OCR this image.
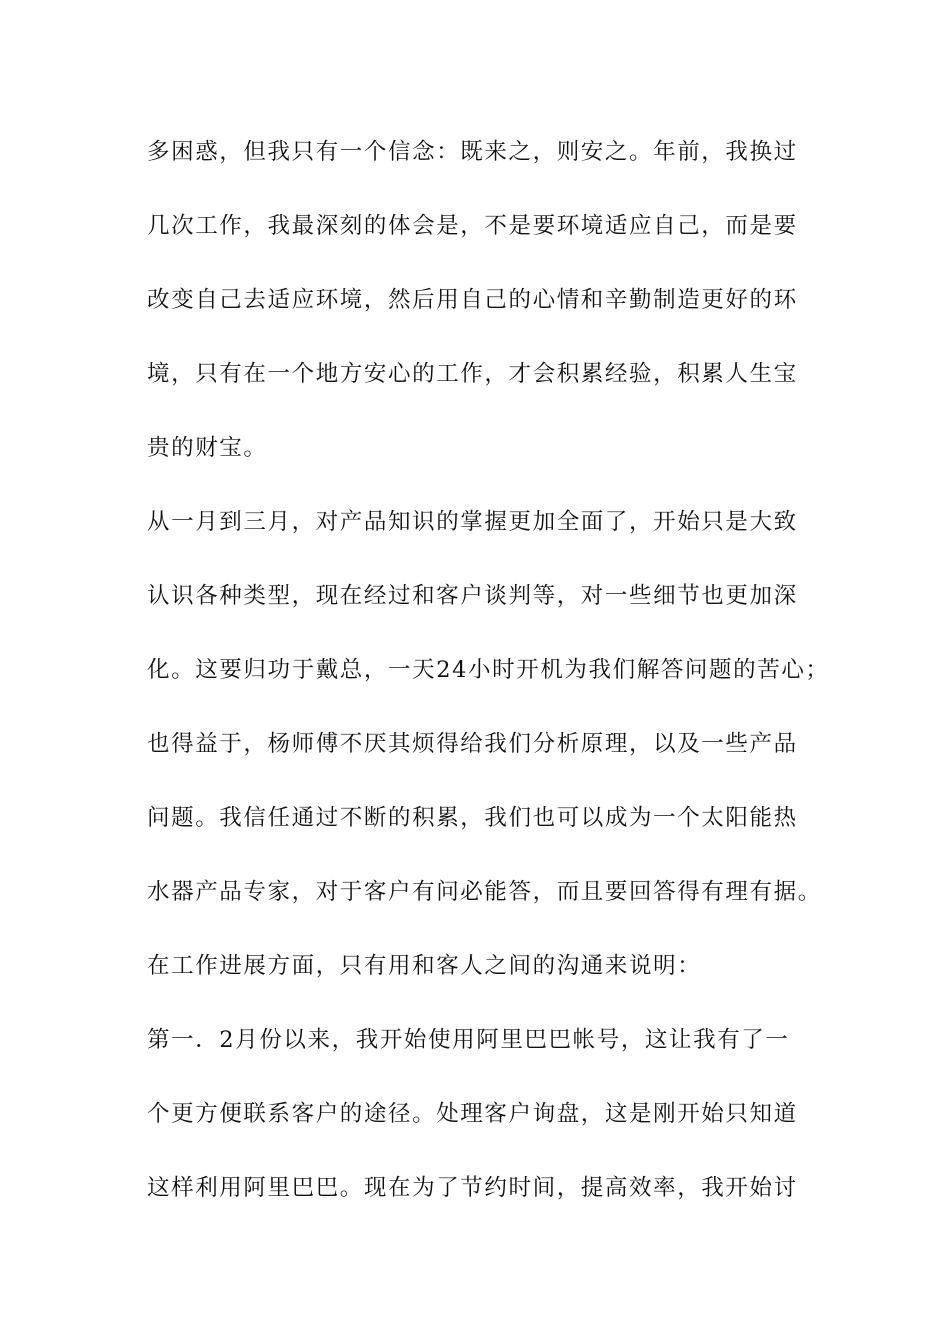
多困惑，但我只有一个信念：既来之，则安之。年前，我换过
几次工作，我最深刻的体会是，不是要环境适应自己，而是要
改变自己去适应环境，然后用自己的心情和辛勤制造更好的环
境，只有在一个地方安心的工作，才会积累经验，积累人生宝
贵的财宝。
从一月到三月，对产品知识的掌握更加全面了，开始只是大致
认识各种类型，现在经过和客户谈判等，对一些细节也更加深
化。这要归功于戴总，一天24小时开机为我们解答问题的苦心；
也得益于，杨师傅不厌其烦得给我们分析原理，以及一些产品
问题。我信任通过不断的积累，我们也可以成为一个太阳能热
水器产品专家，对于客户有问必能答，而且要回答得有理有据。
在工作进展方面，只有用和客人之间的沟通来说明：
第一．2月份以来，我开始使用阿里巴巴帐号，这让我有了一
个更方便联系客户的途径。处理客户询盘，这是刚开始只知道
这样利用阿里巴巴。现在为了节约时间，提高效率，我开始讨
